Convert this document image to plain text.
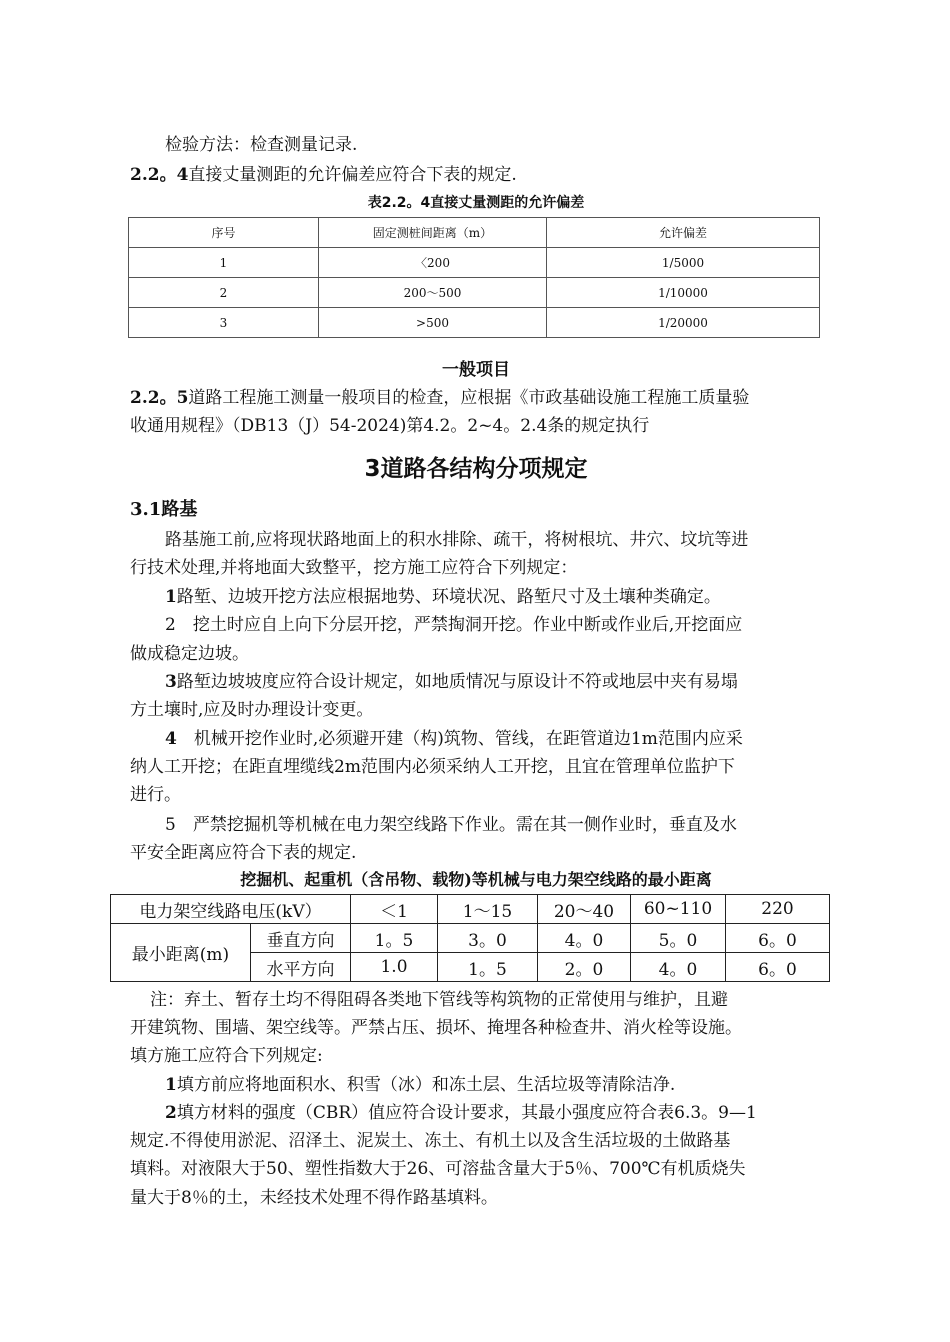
检验方法：检查测量记录.
2.2。4直接丈量测距的允许偏差应符合下表的规定.
表2.2。4直接丈量测距的允许偏差
序号	固定测桩间距离（m）	允许偏差
1	〈200	1/5000
2	200～500	1/10000
3	>500	1/20000
一般项目
2.2。5道路工程施工测量一般项目的检查，应根据《市政基础设施工程施工质量验
收通用规程》（DB13（J）54-2024)第4.2。2~4。2.4条的规定执行
3道路各结构分项规定
3.1路基
路基施工前,应将现状路地面上的积水排除、疏干，将树根坑、井穴、坟坑等进
行技术处理,并将地面大致整平，挖方施工应符合下列规定：
1路堑、边坡开挖方法应根据地势、环境状况、路堑尺寸及土壤种类确定。
2　挖土时应自上向下分层开挖，严禁掏洞开挖。作业中断或作业后,开挖面应
做成稳定边坡。
3路堑边坡坡度应符合设计规定，如地质情况与原设计不符或地层中夹有易塌
方土壤时,应及时办理设计变更。
4　 机械开挖作业时,必须避开建（构)筑物、管线，在距管道边1m范围内应采
纳人工开挖；在距直埋缆线2m范围内必须采纳人工开挖，且宜在管理单位监护下
进行。
5　严禁挖掘机等机械在电力架空线路下作业。需在其一侧作业时，垂直及水
平安全距离应符合下表的规定.
挖掘机、起重机（含吊物、载物)等机械与电力架空线路的最小距离
电力架空线路电压(kV）		＜1	1～15	20～40	60~110	220
最小距离(m)	垂直方向	1。5	3。0	4。0	5。0	6。0
	水平方向	1.0	1。5	2。0	4。0	6。0
注：弃土、暂存土均不得阻碍各类地下管线等构筑物的正常使用与维护，且避
开建筑物、围墙、架空线等。严禁占压、损坏、掩埋各种检查井、消火栓等设施。
填方施工应符合下列规定:
1填方前应将地面积水、积雪（冰）和冻土层、生活垃圾等清除洁净.
2填方材料的强度（CBR）值应符合设计要求，其最小强度应符合表6.3。9—1
规定.不得使用淤泥、沼泽土、泥炭土、冻土、有机土以及含生活垃圾的土做路基
填料。对液限大于50、塑性指数大于26、可溶盐含量大于5％、700℃有机质烧失
量大于8％的土，未经技术处理不得作路基填料。
